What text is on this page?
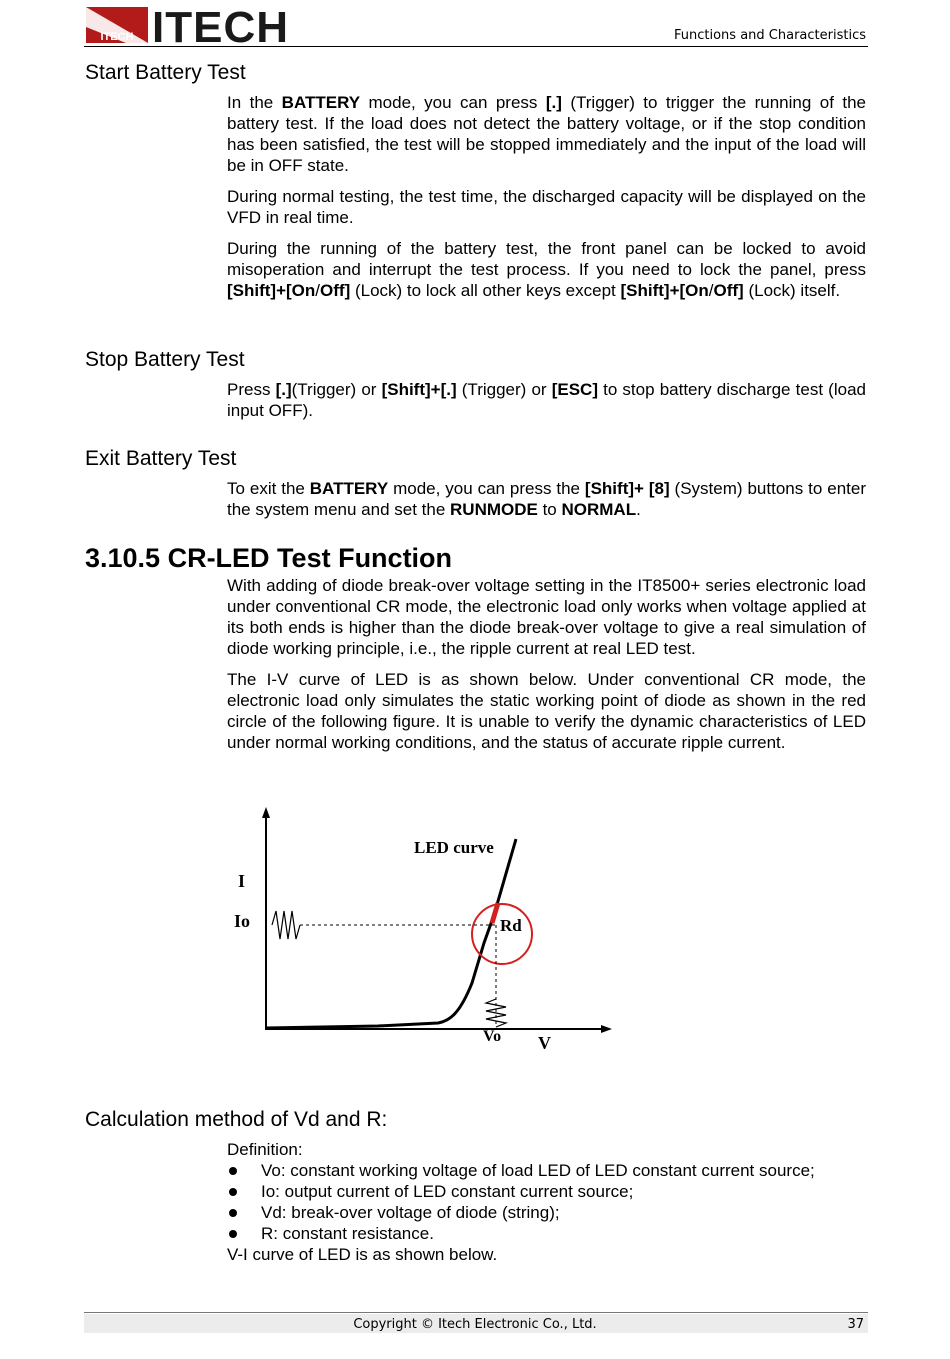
ITECH ITECH	Functions and Characteristics
Start Battery Test

In the BATTERY mode, you can press [.] (Trigger) to trigger the running of the battery test. If the load does not detect the battery voltage, or if the stop condition has been satisfied, the test will be stopped immediately and the input of the load will be in OFF state.

During normal testing, the test time, the discharged capacity will be displayed on the VFD in real time.

During the running of the battery test, the front panel can be locked to avoid misoperation and interrupt the test process. If you need to lock the panel, press [Shift]+[On/Off] (Lock) to lock all other keys except [Shift]+[On/Off] (Lock) itself.

Stop Battery Test

Press [.](Trigger) or [Shift]+[.] (Trigger) or [ESC] to stop battery discharge test (load input OFF).

Exit Battery Test

To exit the BATTERY mode, you can press the [Shift]+ [8] (System) buttons to enter the system menu and set the RUNMODE to NORMAL.

3.10.5 CR-LED Test Function

With adding of diode break-over voltage setting in the IT8500+ series electronic load under conventional CR mode, the electronic load only works when voltage applied at its both ends is higher than the diode break-over voltage to give a real simulation of diode working principle, i.e., the ripple current at real LED test.

The I-V curve of LED is as shown below. Under conventional CR mode, the electronic load only simulates the static working point of diode as shown in the red circle of the following figure. It is unable to verify the dynamic characteristics of LED under normal working conditions, and the status of accurate ripple current.

LED curve
I
Io	Rd
Vo V
Calculation method of Vd and R:
Definition:
Vo: constant working voltage of load LED of LED constant current source;
Io: output current of LED constant current source;
Vd: break-over voltage of diode (string);
R: constant resistance.
V-I curve of LED is as shown below.
Copyright © Itech Electronic Co., Ltd.	37
